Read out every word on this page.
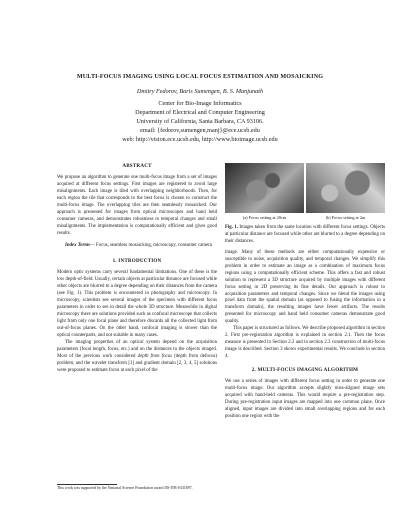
MULTI-FOCUS IMAGING USING LOCAL FOCUS ESTIMATION AND MOSAICKING
Dmitry Fedorov, Baris Sumengen, B. S. Manjunath
Center for Bio-Image Informatics
Department of Electrical and Computer Engineering
University of California, Santa Barbara, CA 93106.
email: {fedorov,sumengen,manj}@ece.ucsb.edu
web: http://vision.ece.ucsb.edu, http://www.bioimage.ucsb.edu
ABSTRACT

We propose an algorithm to generate one multi-focus image from a set of images acquired at different focus settings. First images are registered to avoid large misalignments. Each image is tiled with overlapping neighborhoods. Then, for each region the tile that corresponds to the best focus is chosen to construct the multi-focus image. The overlapping tiles are then seamlessly mosaicked. Our approach is presented for images from optical microscopes and hand held consumer cameras, and demonstrates robustness to temporal changes and small misalignments. The implementation is computationally efficient and gives good results.

Index Terms— Focus, seamless mosaicking, microscopy, consumer camera

1. INTRODUCTION

Modern optic systems carry several fundamental limitations. One of these is the low depth-of-field. Usually, certain objects at particular distance are focused while other objects are blurred to a degree depending on their distances from the camera (see Fig. 1). This problem is encountered in photography and microscopy. In microscopy, scientists see several images of the specimen with different focus parameters in order to see in detail the whole 3D structure. Meanwhile in digital microscopy there are solutions provided such as confocal microscope that collects light from only one focal plane and therefore discards all the collected light from out-of-focus planes. On the other hand, confocal imaging is slower than the optical counterparts, and not suitable in many cases.

The imaging properties of an optical system depend on the acquisition parameters (focal length, focus, etc.) and on the distances to the objects imaged. Most of the previous work considered depth from focus (depth from defocus) problem, and the wavelet transform [1] and gradient domain [2, 3, 4, 5] solutions were proposed to estimate focus at each pixel of the

This work was supported by the National Science Foundation award IIS-ITR-0331697.
(a) Focus setting at 20cm	(b) Focus setting at 2m

Fig. 1. Images taken from the same location with different focus settings. Objects at particular distance are focused while other are blurred to a degree depending on their distances.

image. Many of these methods are either computationally expensive or susceptible to noise, acquisition quality, and temporal changes. We simplify this problem in order to estimate an image as a combination of maximum focus regions using a computationally efficient scheme. This offers a fast and robust solution to represent a 3D structure acquired by multiple images with different focus setting in 2D preserving its fine details. Our approach is robust to acquisition parameters and temporal changes. Since we blend the images using pixel data from the spatial domain (as opposed to fusing the information in a transform domain), the resulting images have fewer artifacts. The results presented for microscopy and hand held consumer cameras demonstrate good quality.

This paper is structured as follows. We describe proposed algorithm in section 2. First pre-registration algorithm is explained in section 2.1. Then the focus measure is presented in Section 2.2 and in section 2.3 construction of multi-focus image is described. Section 3 shows experimental results. We conclude in section 4.

2. MULTI-FOCUS IMAGING ALGORITHM

We use a series of images with different focus setting in order to generate one multi-focus image. Our algorithm accepts slightly miss-aligned image sets acquired with hand-held cameras. This would require a pre-registration step. During pre-registration input images are mapped into one common plane. Once aligned, input images are divided into small overlapping regions and for each position one region with the
